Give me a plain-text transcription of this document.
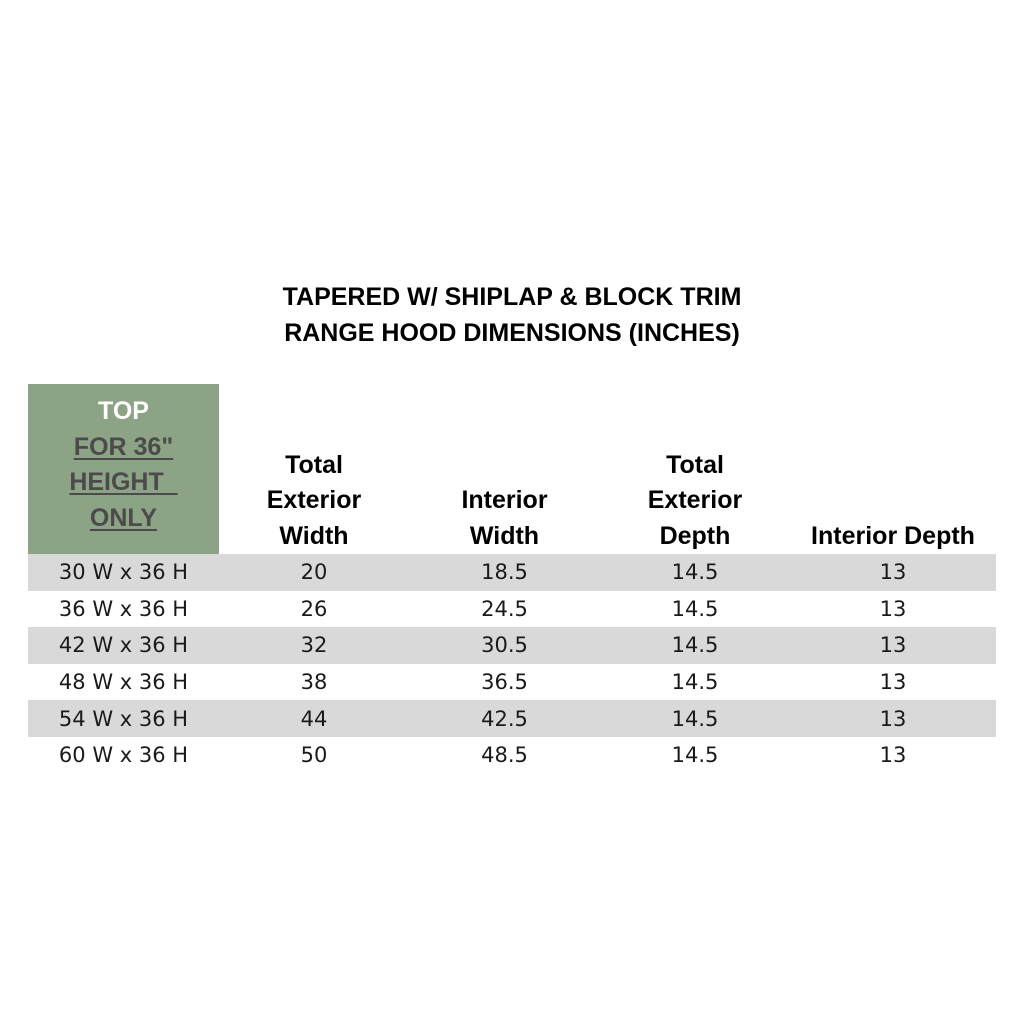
TAPERED W/ SHIPLAP & BLOCK TRIM
RANGE HOOD DIMENSIONS (INCHES)
TOP
FOR 36"
HEIGHT
ONLY	Total
Exterior
Width	Interior
Width	Total
Exterior
Depth	Interior Depth

30 W x 36 H	20	18.5	14.5	13
36 W x 36 H	26	24.5	14.5	13
42 W x 36 H	32	30.5	14.5	13
48 W x 36 H	38	36.5	14.5	13
54 W x 36 H	44	42.5	14.5	13
60 W x 36 H	50	48.5	14.5	13
